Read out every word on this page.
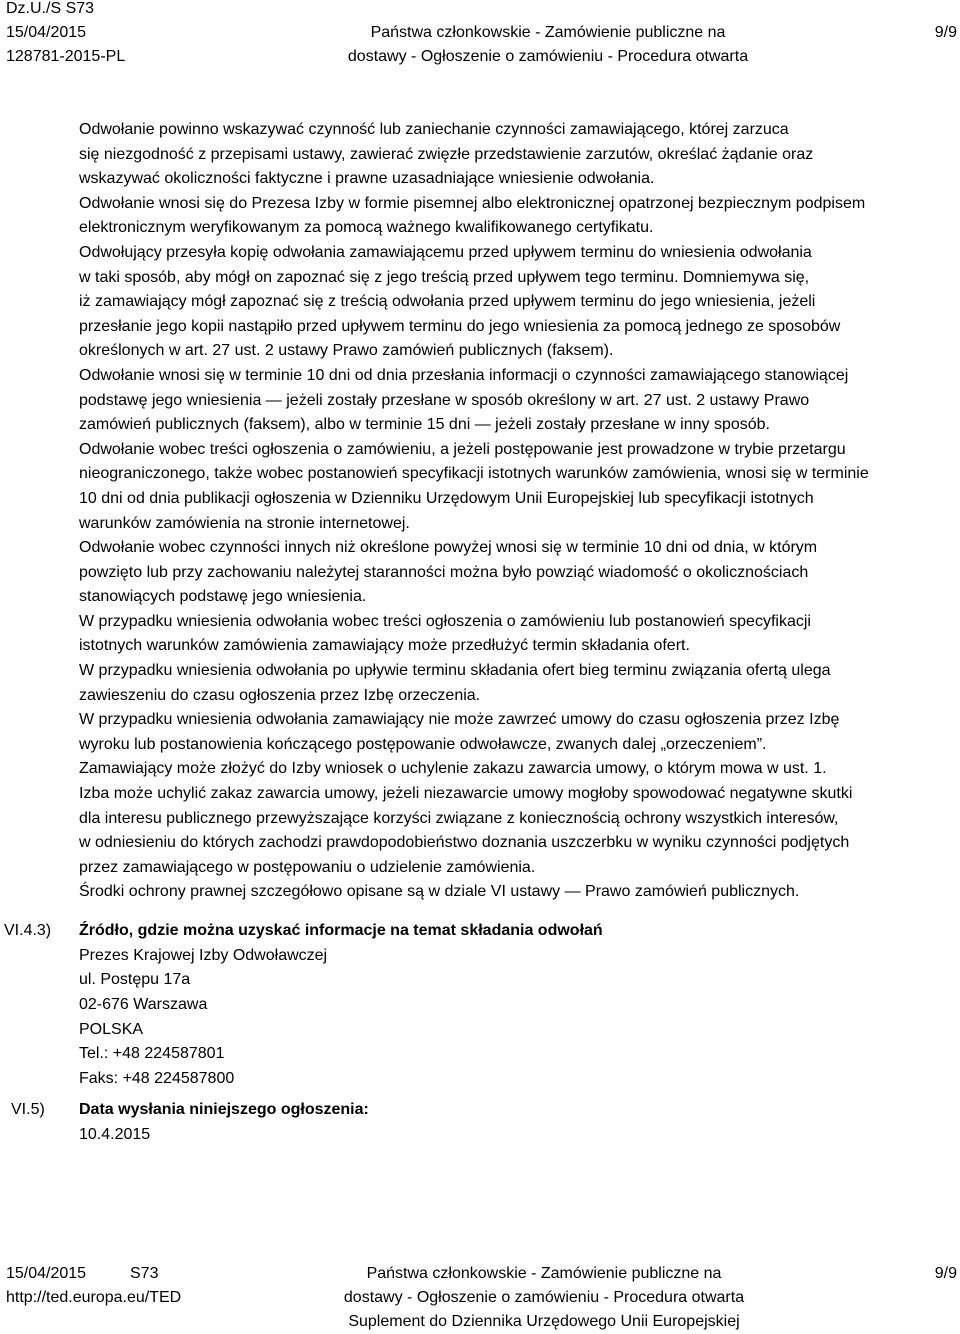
Dz.U./S S73
15/04/2015
128781-2015-PL
Państwa członkowskie - Zamówienie publiczne na
dostawy - Ogłoszenie o zamówieniu - Procedura otwarta
9/9
Odwołanie powinno wskazywać czynność lub zaniechanie czynności zamawiającego, której zarzuca
się niezgodność z przepisami ustawy, zawierać zwięzłe przedstawienie zarzutów, określać żądanie oraz
wskazywać okoliczności faktyczne i prawne uzasadniające wniesienie odwołania.
Odwołanie wnosi się do Prezesa Izby w formie pisemnej albo elektronicznej opatrzonej bezpiecznym podpisem
elektronicznym weryfikowanym za pomocą ważnego kwalifikowanego certyfikatu.
Odwołujący przesyła kopię odwołania zamawiającemu przed upływem terminu do wniesienia odwołania
w taki sposób, aby mógł on zapoznać się z jego treścią przed upływem tego terminu. Domniemywa się,
iż zamawiający mógł zapoznać się z treścią odwołania przed upływem terminu do jego wniesienia, jeżeli
przesłanie jego kopii nastąpiło przed upływem terminu do jego wniesienia za pomocą jednego ze sposobów
określonych w art. 27 ust. 2 ustawy Prawo zamówień publicznych (faksem).
Odwołanie wnosi się w terminie 10 dni od dnia przesłania informacji o czynności zamawiającego stanowiącej
podstawę jego wniesienia — jeżeli zostały przesłane w sposób określony w art. 27 ust. 2 ustawy Prawo
zamówień publicznych (faksem), albo w terminie 15 dni — jeżeli zostały przesłane w inny sposób.
Odwołanie wobec treści ogłoszenia o zamówieniu, a jeżeli postępowanie jest prowadzone w trybie przetargu
nieograniczonego, także wobec postanowień specyfikacji istotnych warunków zamówienia, wnosi się w terminie
10 dni od dnia publikacji ogłoszenia w Dzienniku Urzędowym Unii Europejskiej lub specyfikacji istotnych
warunków zamówienia na stronie internetowej.
Odwołanie wobec czynności innych niż określone powyżej wnosi się w terminie 10 dni od dnia, w którym
powzięto lub przy zachowaniu należytej staranności można było powziąć wiadomość o okolicznościach
stanowiących podstawę jego wniesienia.
W przypadku wniesienia odwołania wobec treści ogłoszenia o zamówieniu lub postanowień specyfikacji
istotnych warunków zamówienia zamawiający może przedłużyć termin składania ofert.
W przypadku wniesienia odwołania po upływie terminu składania ofert bieg terminu związania ofertą ulega
zawieszeniu do czasu ogłoszenia przez Izbę orzeczenia.
W przypadku wniesienia odwołania zamawiający nie może zawrzeć umowy do czasu ogłoszenia przez Izbę
wyroku lub postanowienia kończącego postępowanie odwoławcze, zwanych dalej „orzeczeniem”.
Zamawiający może złożyć do Izby wniosek o uchylenie zakazu zawarcia umowy, o którym mowa w ust. 1.
Izba może uchylić zakaz zawarcia umowy, jeżeli niezawarcie umowy mogłoby spowodować negatywne skutki
dla interesu publicznego przewyższające korzyści związane z koniecznością ochrony wszystkich interesów,
w odniesieniu do których zachodzi prawdopodobieństwo doznania uszczerbku w wyniku czynności podjętych
przez zamawiającego w postępowaniu o udzielenie zamówienia.
Środki ochrony prawnej szczegółowo opisane są w dziale VI ustawy — Prawo zamówień publicznych.
VI.4.3) Źródło, gdzie można uzyskać informacje na temat składania odwołań
Prezes Krajowej Izby Odwoławczej
ul. Postępu 17a
02-676 Warszawa
POLSKA
Tel.: +48 224587801
Faks: +48 224587800
VI.5) Data wysłania niniejszego ogłoszenia:
10.4.2015
15/04/2015
http://ted.europa.eu/TED
S73	Państwa członkowskie - Zamówienie publiczne na
dostawy - Ogłoszenie o zamówieniu - Procedura otwarta
Suplement do Dziennika Urzędowego Unii Europejskiej
9/9
